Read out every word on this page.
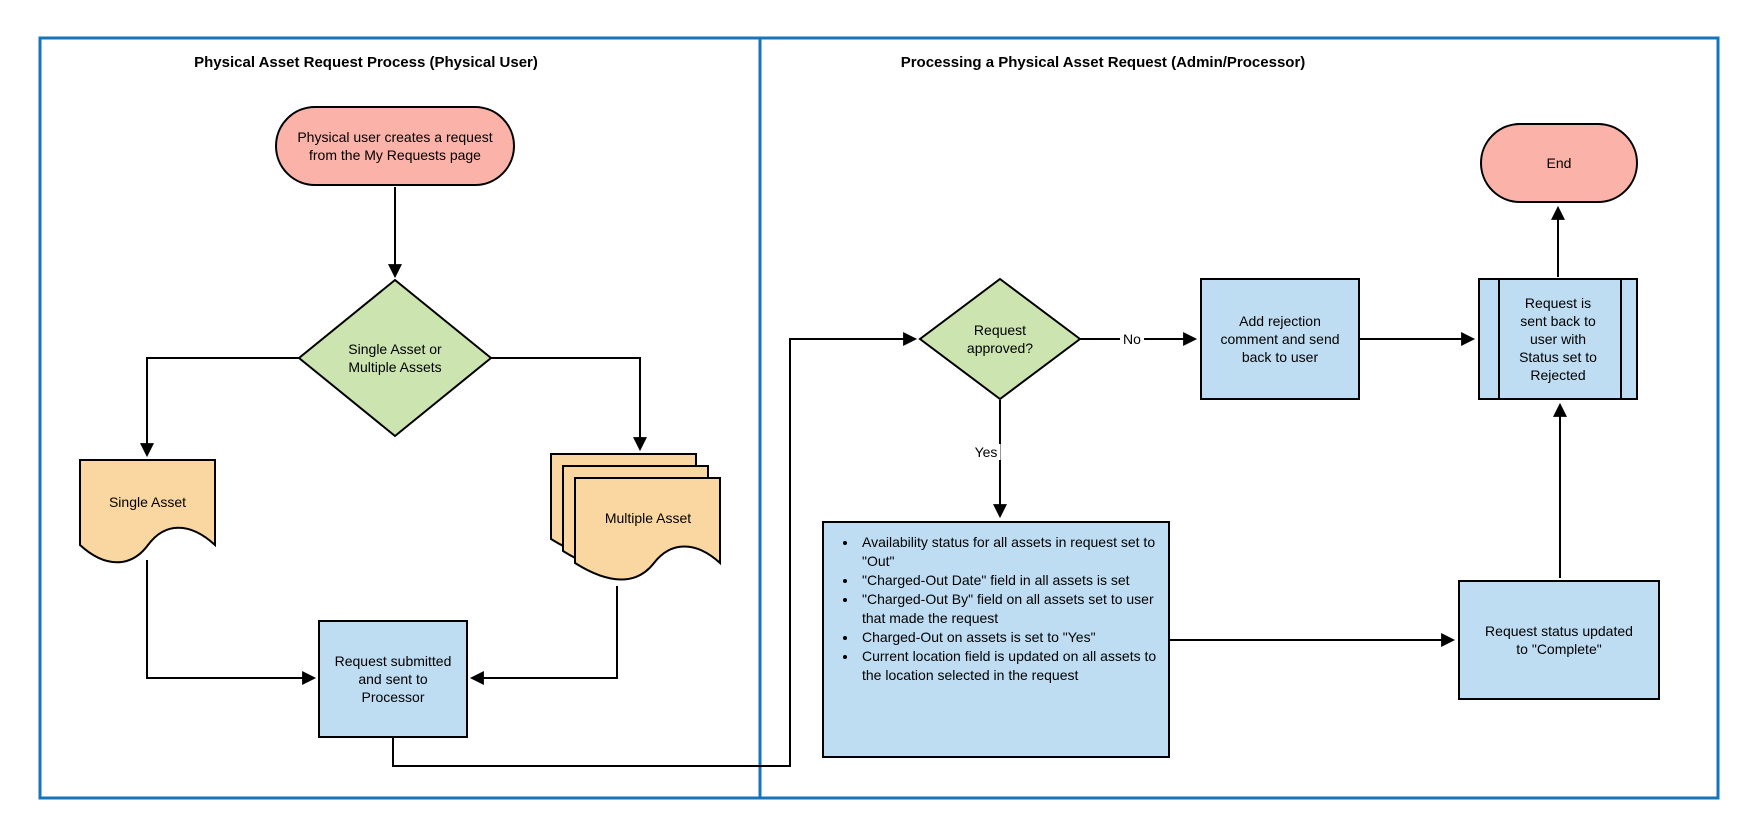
Physical Asset Request Process (Physical User)	Processing a Physical Asset Request (Admin/Processor)
Physical user creates a request from the My Requests page
Single Asset or Multiple Assets
Single Asset
Multiple Asset
Request submitted and sent to Processor
Request approved?
No
Yes
Add rejection comment and send back to user
Request is sent back to user with Status set to Rejected
End
• Availability status for all assets in request set to "Out"
• "Charged-Out Date" field in all assets is set
• "Charged-Out By" field on all assets set to user that made the request
• Charged-Out on assets is set to "Yes"
• Current location field is updated on all assets to the location selected in the request
Request status updated to "Complete"
